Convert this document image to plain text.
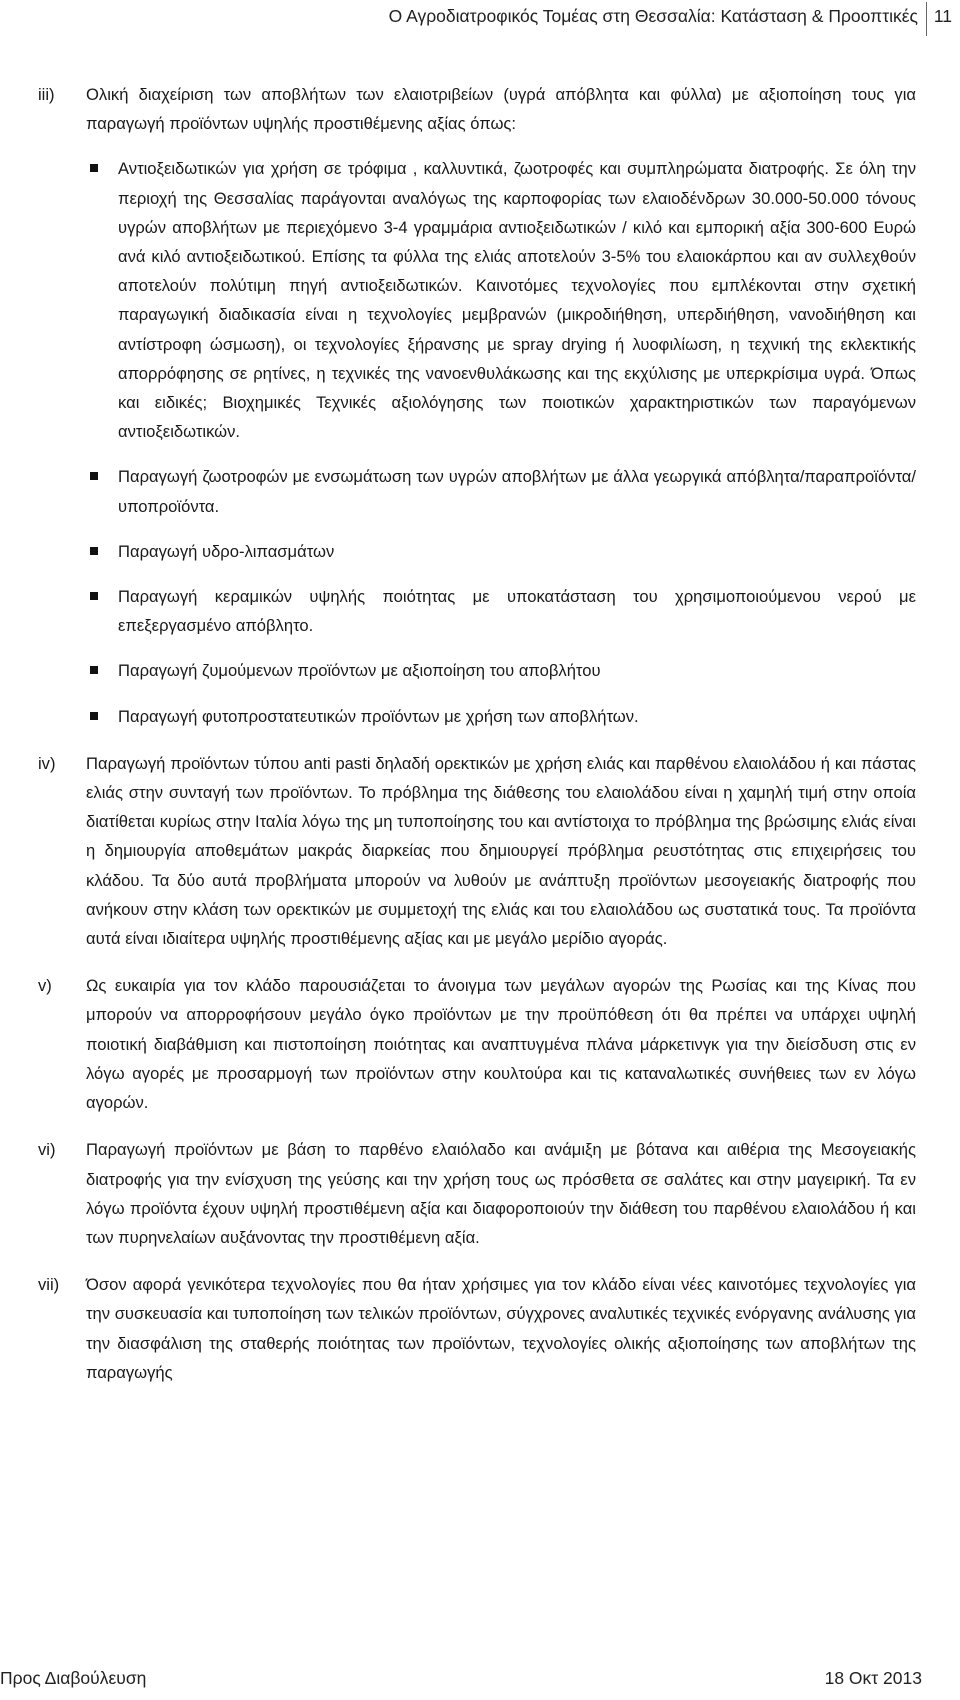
Ο Αγροδιατροφικός Τομέας στη Θεσσαλία: Κατάσταση & Προοπτικές 11
iii) Ολική διαχείριση των αποβλήτων των ελαιοτριβείων (υγρά απόβλητα και φύλλα) με αξιοποίηση τους για παραγωγή προϊόντων υψηλής προστιθέμενης αξίας όπως:
Αντιοξειδωτικών για χρήση σε τρόφιμα , καλλυντικά, ζωοτροφές και συμπληρώματα διατροφής. Σε όλη την περιοχή της Θεσσαλίας παράγονται αναλόγως της καρποφορίας των ελαιοδένδρων 30.000-50.000 τόνους υγρών αποβλήτων με περιεχόμενο 3-4 γραμμάρια αντιοξειδωτικών / κιλό και εμπορική αξία 300-600 Ευρώ ανά κιλό αντιοξειδωτικού. Επίσης τα φύλλα της ελιάς αποτελούν 3-5% του ελαιοκάρπου και αν συλλεχθούν αποτελούν πολύτιμη πηγή αντιοξειδωτικών. Καινοτόμες τεχνολογίες που εμπλέκονται στην σχετική παραγωγική διαδικασία είναι η τεχνολογίες μεμβρανών (μικροδιήθηση, υπερδιήθηση, νανοδιήθηση και αντίστροφη ώσμωση), οι τεχνολογίες ξήρανσης με spray drying ή λυοφιλίωση, η τεχνική της εκλεκτικής απορρόφησης σε ρητίνες, η τεχνικές της νανοενθυλάκωσης και της εκχύλισης με υπερκρίσιμα υγρά. Όπως και ειδικές; Βιοχημικές Τεχνικές αξιολόγησης των ποιοτικών χαρακτηριστικών των παραγόμενων αντιοξειδωτικών.
Παραγωγή ζωοτροφών με ενσωμάτωση των υγρών αποβλήτων με άλλα γεωργικά απόβλητα/παραπροϊόντα/υποπροϊόντα.
Παραγωγή υδρο-λιπασμάτων
Παραγωγή κεραμικών υψηλής ποιότητας με υποκατάσταση του χρησιμοποιούμενου νερού με επεξεργασμένο απόβλητο.
Παραγωγή ζυμούμενων προϊόντων με αξιοποίηση του αποβλήτου
Παραγωγή φυτοπροστατευτικών προϊόντων με χρήση των αποβλήτων.
iv) Παραγωγή προϊόντων τύπου anti pasti δηλαδή ορεκτικών με χρήση ελιάς και παρθένου ελαιολάδου ή και πάστας ελιάς στην συνταγή των προϊόντων. Το πρόβλημα της διάθεσης του ελαιολάδου είναι η χαμηλή τιμή στην οποία διατίθεται κυρίως στην Ιταλία λόγω της μη τυποποίησης του και αντίστοιχα το πρόβλημα της βρώσιμης ελιάς είναι η δημιουργία αποθεμάτων μακράς διαρκείας που δημιουργεί πρόβλημα ρευστότητας στις επιχειρήσεις του κλάδου. Τα δύο αυτά προβλήματα μπορούν να λυθούν με ανάπτυξη προϊόντων μεσογειακής διατροφής που ανήκουν στην κλάση των ορεκτικών με συμμετοχή της ελιάς και του ελαιολάδου ως συστατικά τους. Τα προϊόντα αυτά είναι ιδιαίτερα υψηλής προστιθέμενης αξίας και με μεγάλο μερίδιο αγοράς.
v) Ως ευκαιρία για τον κλάδο παρουσιάζεται το άνοιγμα των μεγάλων αγορών της Ρωσίας και της Κίνας που μπορούν να απορροφήσουν μεγάλο όγκο προϊόντων με την προϋπόθεση ότι θα πρέπει να υπάρχει υψηλή ποιοτική διαβάθμιση και πιστοποίηση ποιότητας και αναπτυγμένα πλάνα μάρκετινγκ για την διείσδυση στις εν λόγω αγορές με προσαρμογή των προϊόντων στην κουλτούρα και τις καταναλωτικές συνήθειες των εν λόγω αγορών.
vi) Παραγωγή προϊόντων με βάση το παρθένο ελαιόλαδο και ανάμιξη με βότανα και αιθέρια της Μεσογειακής διατροφής για την ενίσχυση της γεύσης και την χρήση τους ως πρόσθετα σε σαλάτες και στην μαγειρική. Τα εν λόγω προϊόντα έχουν υψηλή προστιθέμενη αξία και διαφοροποιούν την διάθεση του παρθένου ελαιολάδου ή και των πυρηνελαίων αυξάνοντας την προστιθέμενη αξία.
vii) Όσον αφορά γενικότερα τεχνολογίες που θα ήταν χρήσιμες για τον κλάδο είναι νέες καινοτόμες τεχνολογίες για την συσκευασία και τυποποίηση των τελικών προϊόντων, σύγχρονες αναλυτικές τεχνικές ενόργανης ανάλυσης για την διασφάλιση της σταθερής ποιότητας των προϊόντων, τεχνολογίες ολικής αξιοποίησης των αποβλήτων της παραγωγής
Προς Διαβούλευση	18 Οκτ 2013
